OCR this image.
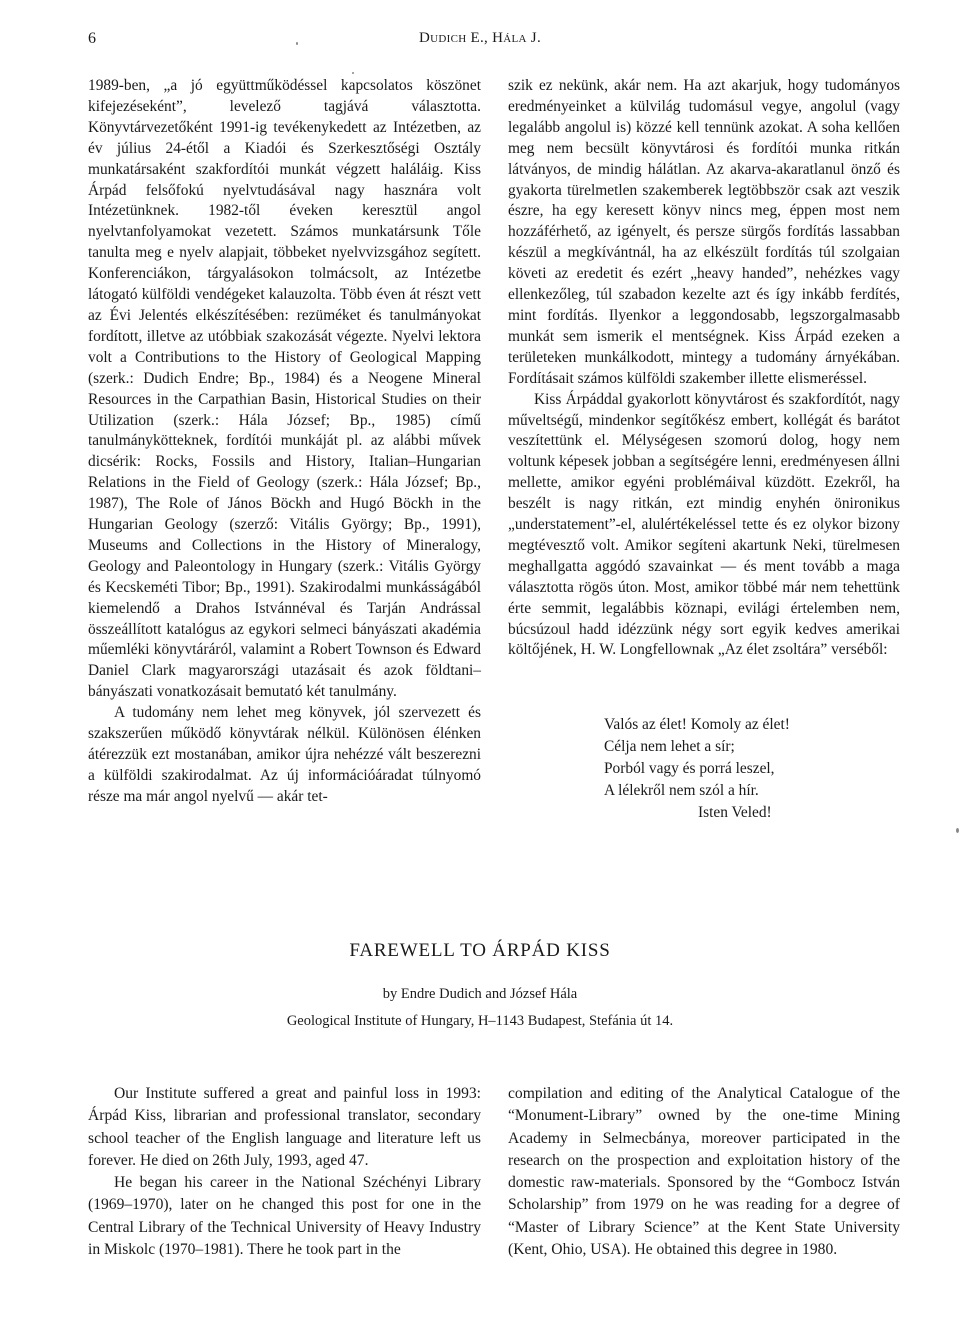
6	Dudich E., Hála J.

1989-ben, „a jó együttműködéssel kapcsolatos köszönet kifejezéseként”, levelező tagjává választotta. Könyvtárvezetőként 1991-ig tevékenykedett az Intézetben, az év július 24-étől a Kiadói és Szerkesztőségi Osztály munkatársaként szakfordítói munkát végzett haláláig. Kiss Árpád felsőfokú nyelvtudásával nagy hasznára volt Intézetünknek. 1982-től éveken keresztül angol nyelvtanfolyamokat vezetett. Számos munkatársunk Tőle tanulta meg e nyelv alapjait, többeket nyelvvizsgához segített. Konferenciákon, tárgyalásokon tolmácsolt, az Intézetbe látogató külföldi vendégeket kalauzolta. Több éven át részt vett az Évi Jelentés elkészítésében: rezüméket és tanulmányokat fordított, illetve az utóbbiak szakozását végezte. Nyelvi lektora volt a Contributions to the History of Geological Mapping (szerk.: Dudich Endre; Bp., 1984) és a Neogene Mineral Resources in the Carpathian Basin, Historical Studies on their Utilization (szerk.: Hála József; Bp., 1985) című tanulmánykötteknek, fordítói munkáját pl. az alábbi művek dicsérik: Rocks, Fossils and History, Italian–Hungarian Relations in the Field of Geology (szerk.: Hála József; Bp., 1987), The Role of János Böckh and Hugó Böckh in the Hungarian Geology (szerző: Vitális György; Bp., 1991), Museums and Collections in the History of Mineralogy, Geology and Paleontology in Hungary (szerk.: Vitális György és Kecskeméti Tibor; Bp., 1991). Szakirodalmi munkásságából kiemelendő a Drahos Istvánnéval és Tarján Andrással összeállított katalógus az egykori selmeci bányászati akadémia műemléki könyvtáráról, valamint a Robert Townson és Edward Daniel Clark magyarországi utazásait és azok földtani–bányászati vonatkozásait bemutató két tanulmány.

A tudomány nem lehet meg könyvek, jól szervezett és szakszerűen működő könyvtárak nélkül. Különösen élénken átérezzük ezt mostanában, amikor újra nehézzé vált beszerezni a külföldi szakirodalmat. Az új információáradat túlnyomó része ma már angol nyelvű — akár tet-

szik ez nekünk, akár nem. Ha azt akarjuk, hogy tudományos eredményeinket a külvilág tudomásul vegye, angolul (vagy legalább angolul is) közzé kell tennünk azokat. A soha kellően meg nem becsült könyvtárosi és fordítói munka ritkán látványos, de mindig hálátlan. Az akarva-akaratlanul önző és gyakorta türelmetlen szakemberek legtöbbször csak azt veszik észre, ha egy keresett könyv nincs meg, éppen most nem hozzáférhető, az igényelt, és persze sürgős fordítás lassabban készül a megkívántnál, ha az elkészült fordítás túl szolgaian követi az eredetit és ezért „heavy handed”, nehézkes vagy ellenkezőleg, túl szabadon kezelte azt és így inkább ferdítés, mint fordítás. Ilyenkor a leggondosabb, legszorgalmasabb munkát sem ismerik el mentségnek. Kiss Árpád ezeken a területeken munkálkodott, mintegy a tudomány árnyékában. Fordításait számos külföldi szakember illette elismeréssel.

Kiss Árpáddal gyakorlott könyvtárost és szakfordítót, nagy műveltségű, mindenkor segítőkész embert, kollégát és barátot veszítettünk el. Mélységesen szomorú dolog, hogy nem voltunk képesek jobban a segítségére lenni, eredményesen állni mellette, amikor egyéni problémáival küzdött. Ezekről, ha beszélt is nagy ritkán, ezt mindig enyhén önironikus „understatement”-el, alulértékeléssel tette és ez olykor bizony megtévesztő volt. Amikor segíteni akartunk Neki, türelmesen meghallgatta aggódó szavainkat — és ment tovább a maga választotta rögös úton. Most, amikor többé már nem tehettünk érte semmit, legalábbis köznapi, evilági értelemben nem, búcsúzoul hadd idézzünk négy sort egyik kedves amerikai költőjének, H. W. Longfellownak „Az élet zsoltára” verséből:

Valós az élet! Komoly az élet!
Célja nem lehet a sír;
Porból vagy és porrá leszel,
A lélekről nem szól a hír.
Isten Veled!
FAREWELL TO ÁRPÁD KISS
by Endre Dudich and József Hála
Geological Institute of Hungary, H–1143 Budapest, Stefánia út 14.

Our Institute suffered a great and painful loss in 1993: Árpád Kiss, librarian and professional translator, secondary school teacher of the English language and literature left us forever. He died on 26th July, 1993, aged 47.

He began his career in the National Széchényi Library (1969–1970), later on he changed this post for one in the Central Library of the Technical University of Heavy Industry in Miskolc (1970–1981). There he took part in the

compilation and editing of the Analytical Catalogue of the “Monument-Library” owned by the one-time Mining Academy in Selmecbánya, moreover participated in the research on the prospection and exploitation history of the domestic raw-materials. Sponsored by the “Gombocz István Scholarship” from 1979 on he was reading for a degree of “Master of Library Science” at the Kent State University (Kent, Ohio, USA). He obtained this degree in 1980.
